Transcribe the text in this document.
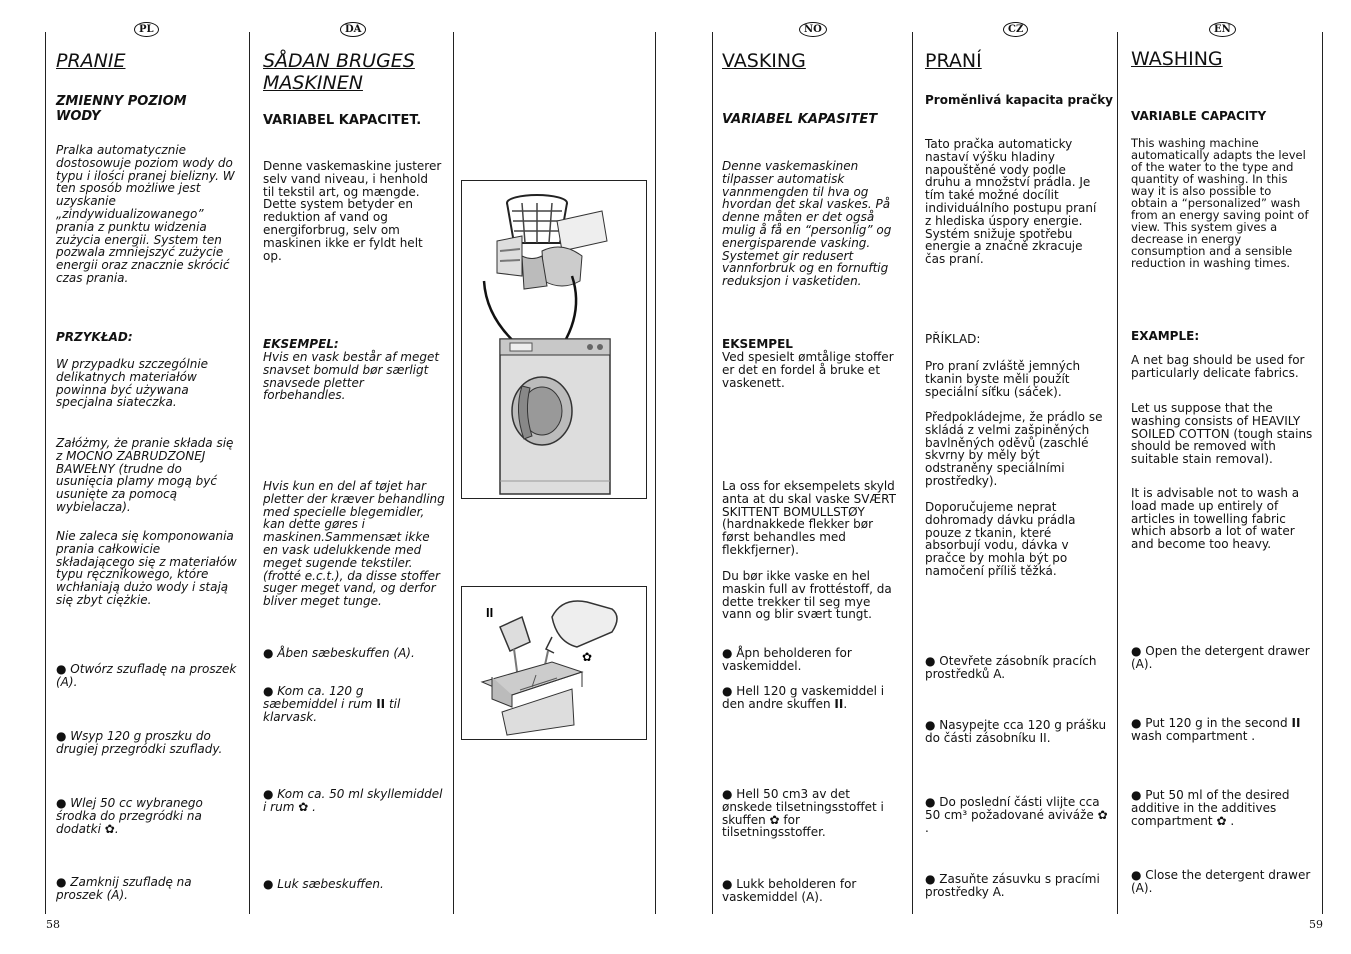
PL	DA	NO	CZ	EN
PRANIE
ZMIENNY POZIOM WODY
Pralka automatycznie dostosowuje poziom wody do typu i ilości pranej bielizny. W ten sposób możliwe jest uzyskanie „zindywidualizowanego” prania z punktu widzenia zużycia energii. System ten pozwala zmniejszyć zużycie energii oraz znacznie skrócić czas prania.
PRZYKŁAD:
W przypadku szczególnie delikatnych materiałów powinna być używana specjalna siateczka.
Załóżmy, że pranie składa się z MOCNO ZABRUDZONEJ BAWEŁNY (trudne do usunięcia plamy mogą być usunięte za pomocą wybielacza).
Nie zaleca się komponowania prania całkowicie składającego się z materiałów typu ręcznikowego, które wchłaniają dużo wody i stają się zbyt ciężkie.
● Otwórz szufladę na proszek (A).
● Wsyp 120 g proszku do drugiej przegródki szuflady.
● Wlej 50 cc wybranego środka do przegródki na dodatki ✿.
● Zamknij szufladę na proszek (A).
SÅDAN BRUGES MASKINEN
VARIABEL KAPACITET.
Denne vaskemaskine justerer selv vand niveau, i henhold til tekstil art, og mængde. Dette system betyder en reduktion af vand og energiforbrug, selv om maskinen ikke er fyldt helt op.
EKSEMPEL:
Hvis en vask består af meget snavset bomuld bør særligt snavsede pletter forbehandles.
Hvis kun en del af tøjet har pletter der kræver behandling med specielle blegemidler, kan dette gøres i maskinen.Sammensæt ikke en vask udelukkende med meget sugende tekstiler. (frotté e.c.t.), da disse stoffer suger meget vand, og derfor bliver meget tunge.
● Åben sæbeskuffen (A).
● Kom ca. 120 g sæbemiddel i rum II til klarvask.
● Kom ca. 50 ml skyllemiddel i rum ✿ .
● Luk sæbeskuffen.
II
✿
VASKING
VARIABEL KAPASITET
Denne vaskemaskinen tilpasser automatisk vannmengden til hva og hvordan det skal vaskes. På denne måten er det også mulig å få en “personlig” og energisparende vasking. Systemet gir redusert vannforbruk og en fornuftig reduksjon i vasketiden.
EKSEMPEL
Ved spesielt ømtålige stoffer er det en fordel å bruke et vaskenett.
La oss for eksempelets skyld anta at du skal vaske SVÆRT SKITTENT BOMULLSTØY (hardnakkede flekker bør først behandles med flekkfjerner).
Du bør ikke vaske en hel maskin full av frottéstoff, da dette trekker til seg mye vann og blir svært tungt.
● Åpn beholderen for vaskemiddel.
● Hell 120 g vaskemiddel i den andre skuffen II.
● Hell 50 cm3 av det ønskede tilsetningsstoffet i skuffen ✿ for tilsetningsstoffer.
● Lukk beholderen for vaskemiddel (A).
PRANÍ
Proměnlivá kapacita pračky
Tato pračka automaticky nastaví výšku hladiny napouštěné vody podle druhu a množství prádla. Je tím také možné docílit individuálního postupu praní z hlediska úspory energie. Systém snižuje spotřebu energie a značně zkracuje čas praní.
PŘÍKLAD:
Pro praní zvláště jemných tkanin byste měli použít speciální síťku (sáček).
Předpokládejme, že prádlo se skládá z velmi zašpiněných bavlněných oděvů (zaschlé skvrny by měly být odstraněny speciálními prostředky).
Doporučujeme neprat dohromady dávku prádla pouze z tkanin, které absorbují vodu, dávka v pračce by mohla být po namočení příliš těžká.
● Otevřete zásobník pracích prostředků A.
● Nasypejte cca 120 g prášku do části zásobníku II.
● Do poslední části vlijte cca 50 cm³ požadované aviváže ✿ .
● Zasuňte zásuvku s pracími prostředky A.
WASHING
VARIABLE CAPACITY
This washing machine automatically adapts the level of the water to the type and quantity of washing. In this way it is also possible to obtain a “personalized” wash from an energy saving point of view. This system gives a decrease in energy consumption and a sensible reduction in washing times.
EXAMPLE:
A net bag should be used for particularly delicate fabrics.
Let us suppose that the washing consists of HEAVILY SOILED COTTON (tough stains should be removed with suitable stain removal).
It is advisable not to wash a load made up entirely of articles in towelling fabric which absorb a lot of water and become too heavy.
● Open the detergent drawer (A).
● Put 120 g in the second II wash compartment .
● Put 50 ml of the desired additive in the additives compartment ✿ .
● Close the detergent drawer (A).
58	59
